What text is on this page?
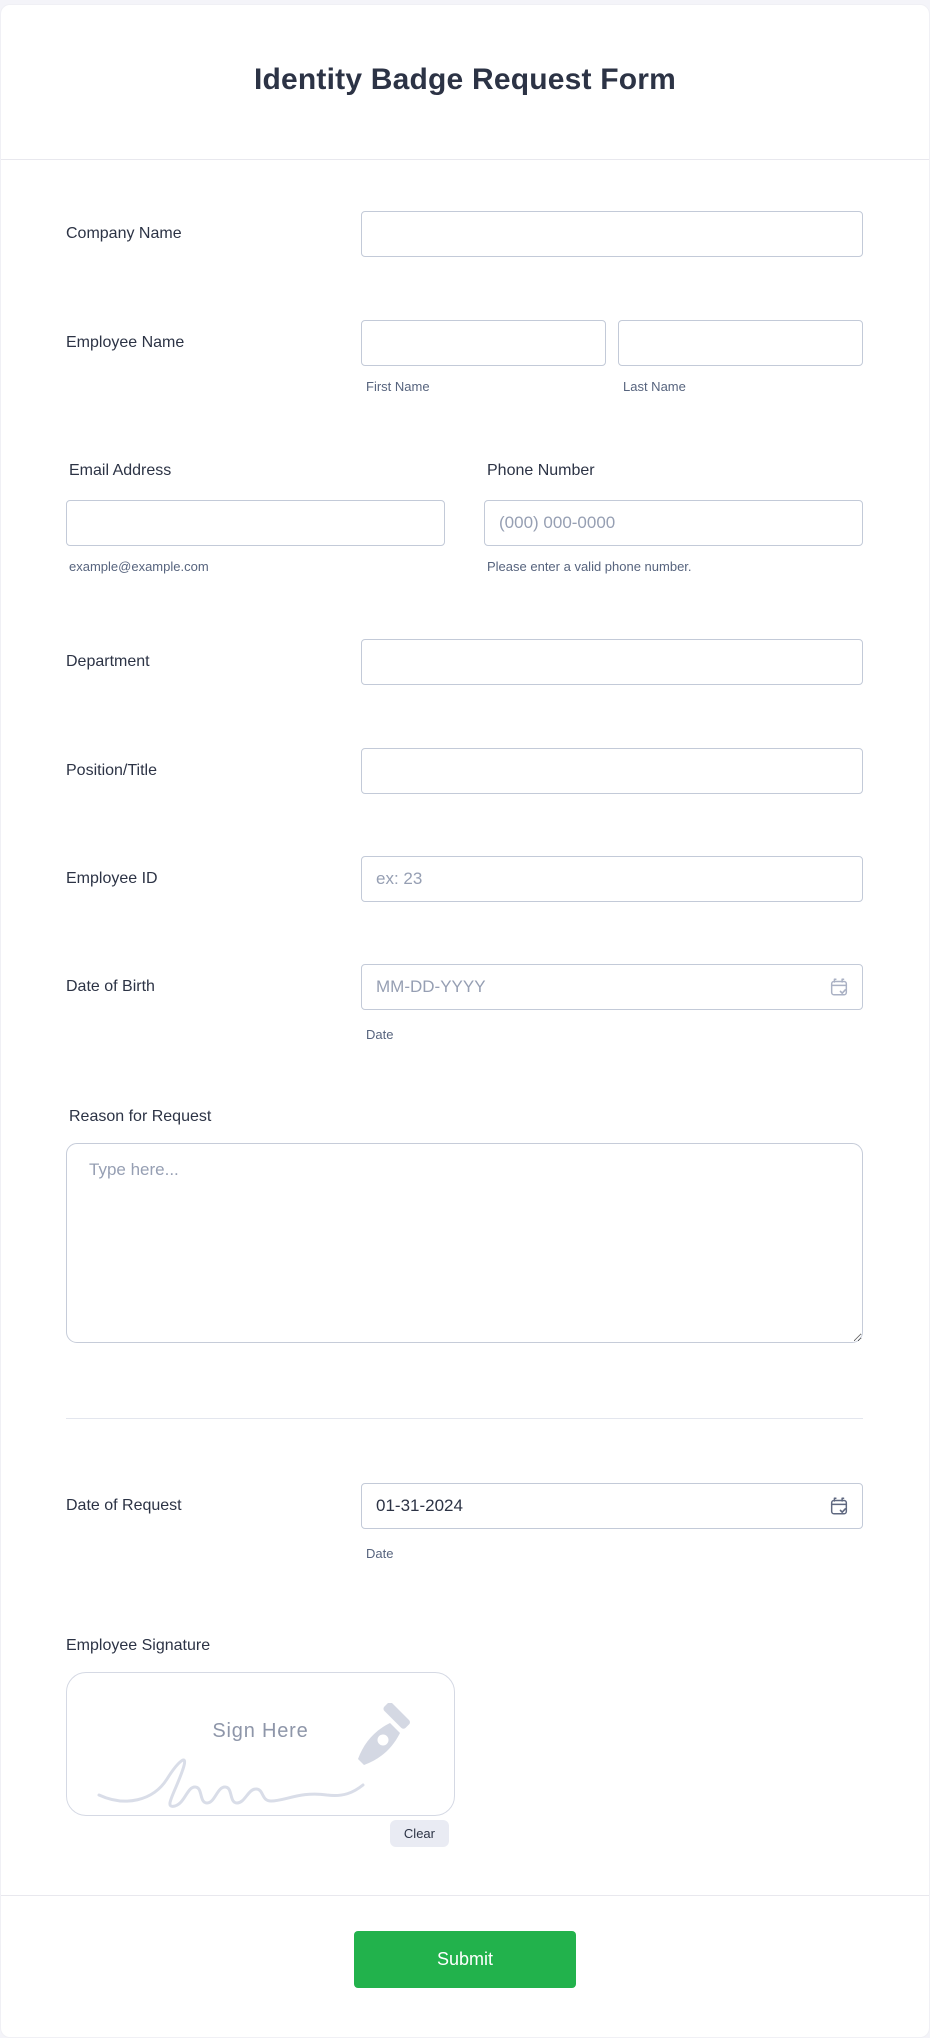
Identity Badge Request Form
Company Name
Employee Name
First Name	Last Name
Email Address
example@example.com
Phone Number
(000) 000-0000
Please enter a valid phone number.
Department
Position/Title
Employee ID
ex: 23
Date of Birth
MM-DD-YYYY
Date
Reason for Request
Type here...
Date of Request
01-31-2024
Date
Employee Signature
Sign Here
Clear
Submit
